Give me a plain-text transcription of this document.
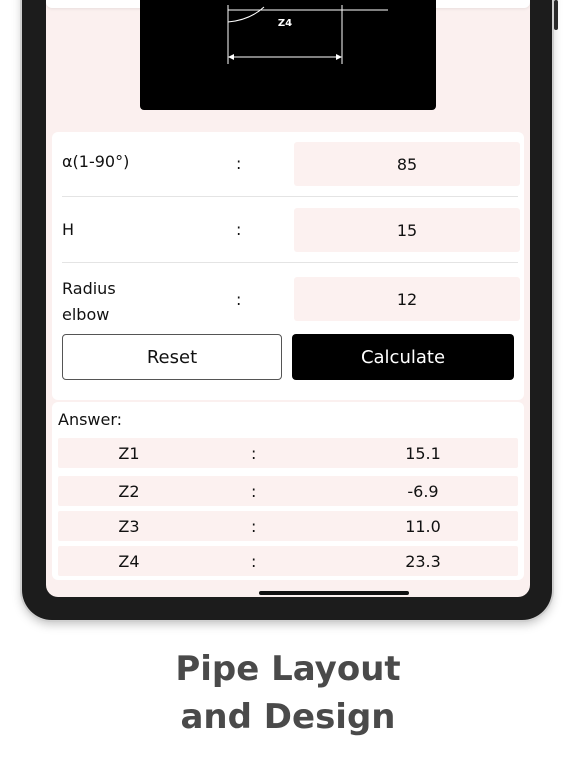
Z4
α(1-90°)	:	85
H	:	15
Radius
elbow
:	12
Reset	Calculate
Answer:
Z1	:	15.1
Z2	:	-6.9
Z3	:	11.0
Z4	:	23.3
Pipe Layout
and Design
